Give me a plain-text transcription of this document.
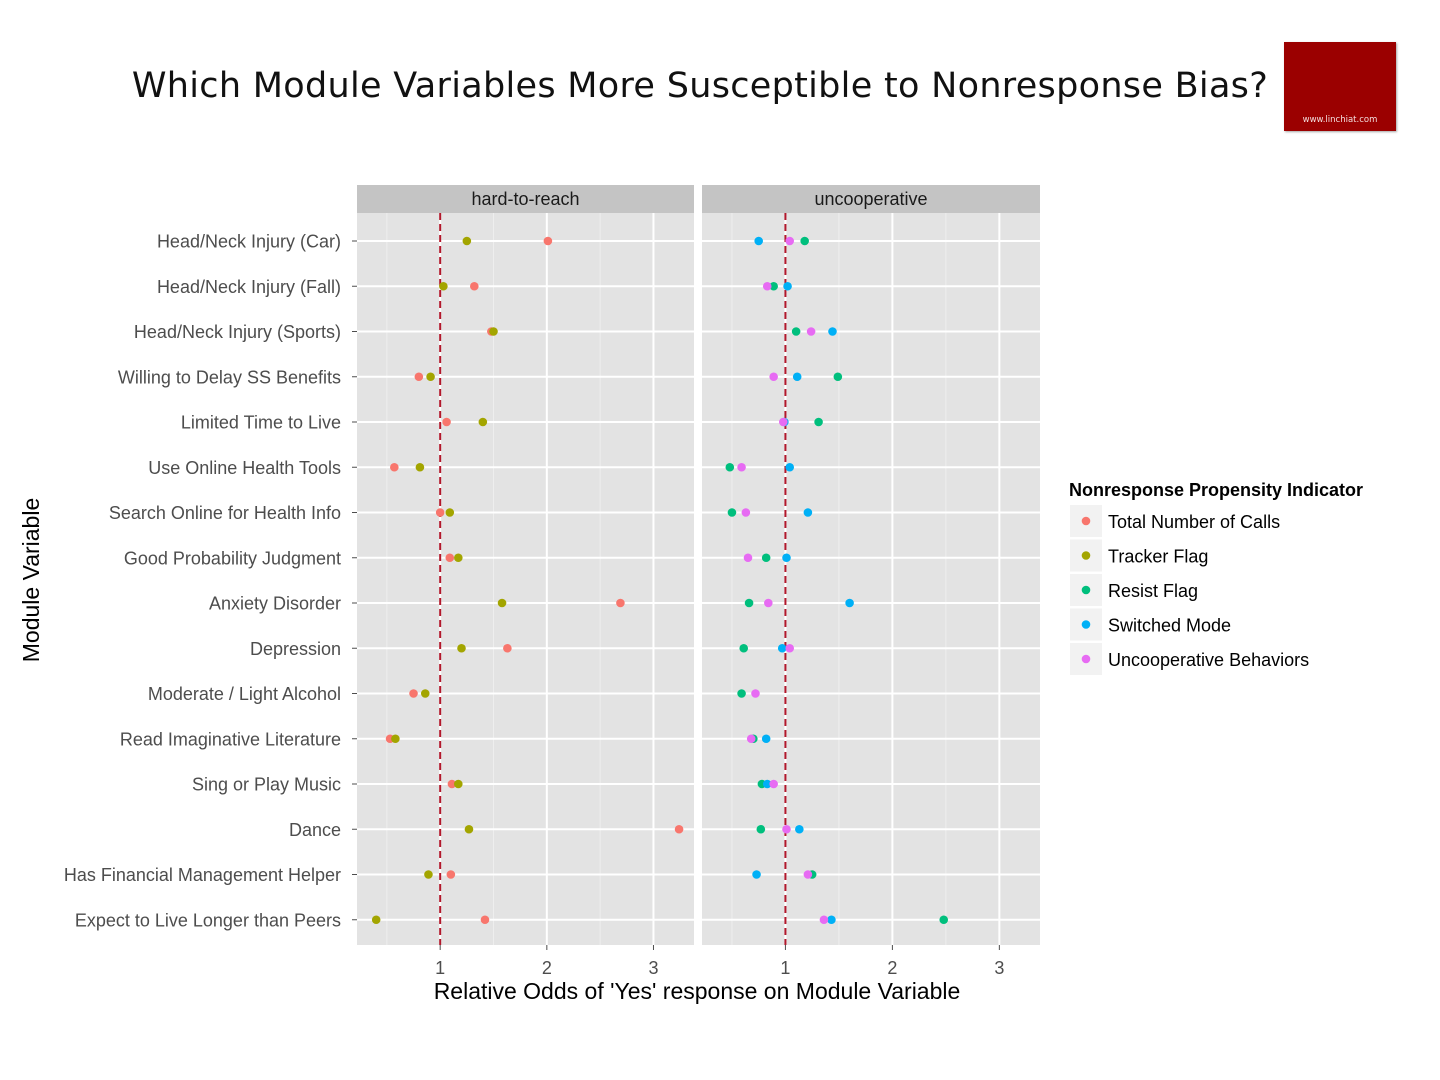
Which Module Variables More Susceptible to Nonresponse Bias?
www.linchiat.com
hard-to-reach
1	2	3
uncooperative
1	2	3
Head/Neck Injury (Car)
Head/Neck Injury (Fall)
Head/Neck Injury (Sports)
Willing to Delay SS Benefits
Limited Time to Live
Use Online Health Tools
Search Online for Health Info
Good Probability Judgment
Anxiety Disorder
Depression
Moderate / Light Alcohol
Read Imaginative Literature
Sing or Play Music
Dance
Has Financial Management Helper
Expect to Live Longer than Peers
Relative Odds of 'Yes' response on Module Variable
Module Variable
Nonresponse Propensity Indicator
Total Number of Calls
Tracker Flag
Resist Flag
Switched Mode
Uncooperative Behaviors
